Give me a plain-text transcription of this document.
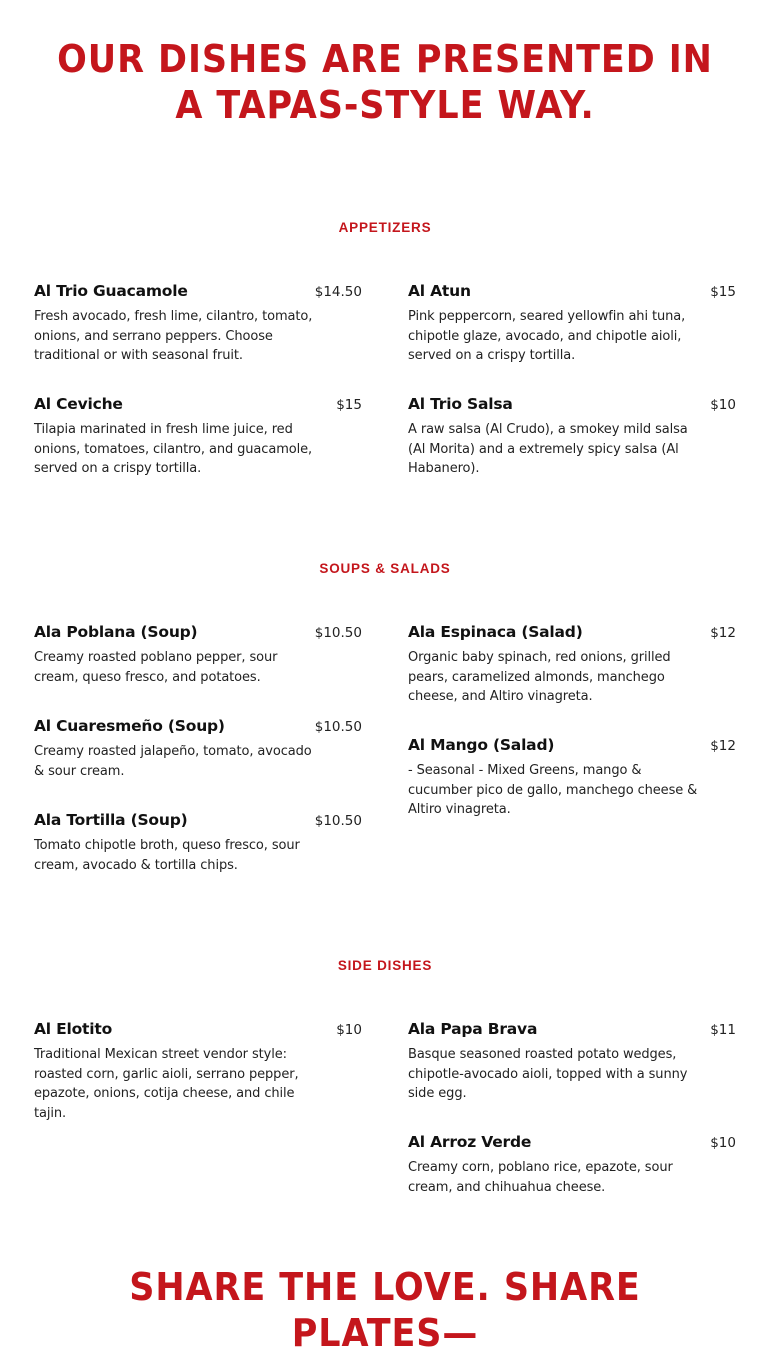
OUR DISHES ARE PRESENTED IN A TAPAS-STYLE WAY.
APPETIZERS
Al Trio Guacamole	$14.50
Fresh avocado, fresh lime, cilantro, tomato, onions, and serrano peppers. Choose traditional or with seasonal fruit.
Al Atun	$15
Pink peppercorn, seared yellowfin ahi tuna, chipotle glaze, avocado, and chipotle aioli, served on a crispy tortilla.
Al Ceviche	$15
Tilapia marinated in fresh lime juice, red onions, tomatoes, cilantro, and guacamole, served on a crispy tortilla.
Al Trio Salsa	$10
A raw salsa (Al Crudo), a smokey mild salsa (Al Morita) and a extremely spicy salsa (Al Habanero).
SOUPS & SALADS
Ala Poblana (Soup)	$10.50
Creamy roasted poblano pepper, sour cream, queso fresco, and potatoes.
Ala Espinaca (Salad)	$12
Organic baby spinach, red onions, grilled pears, caramelized almonds, manchego cheese, and Altiro vinagreta.
Al Cuaresmeño (Soup)	$10.50
Creamy roasted jalapeño, tomato, avocado & sour cream.
Al Mango (Salad)	$12
- Seasonal - Mixed Greens, mango & cucumber pico de gallo, manchego cheese & Altiro vinagreta.
Ala Tortilla (Soup)	$10.50
Tomato chipotle broth, queso fresco, sour cream, avocado & tortilla chips.
SIDE DISHES
Al Elotito	$10
Traditional Mexican street vendor style: roasted corn, garlic aioli, serrano pepper, epazote, onions, cotija cheese, and chile tajin.
Ala Papa Brava	$11
Basque seasoned roasted potato wedges, chipotle-avocado aioli, topped with a sunny side egg.
Al Arroz Verde	$10
Creamy corn, poblano rice, epazote, sour cream, and chihuahua cheese.
SHARE THE LOVE. SHARE PLATES—
